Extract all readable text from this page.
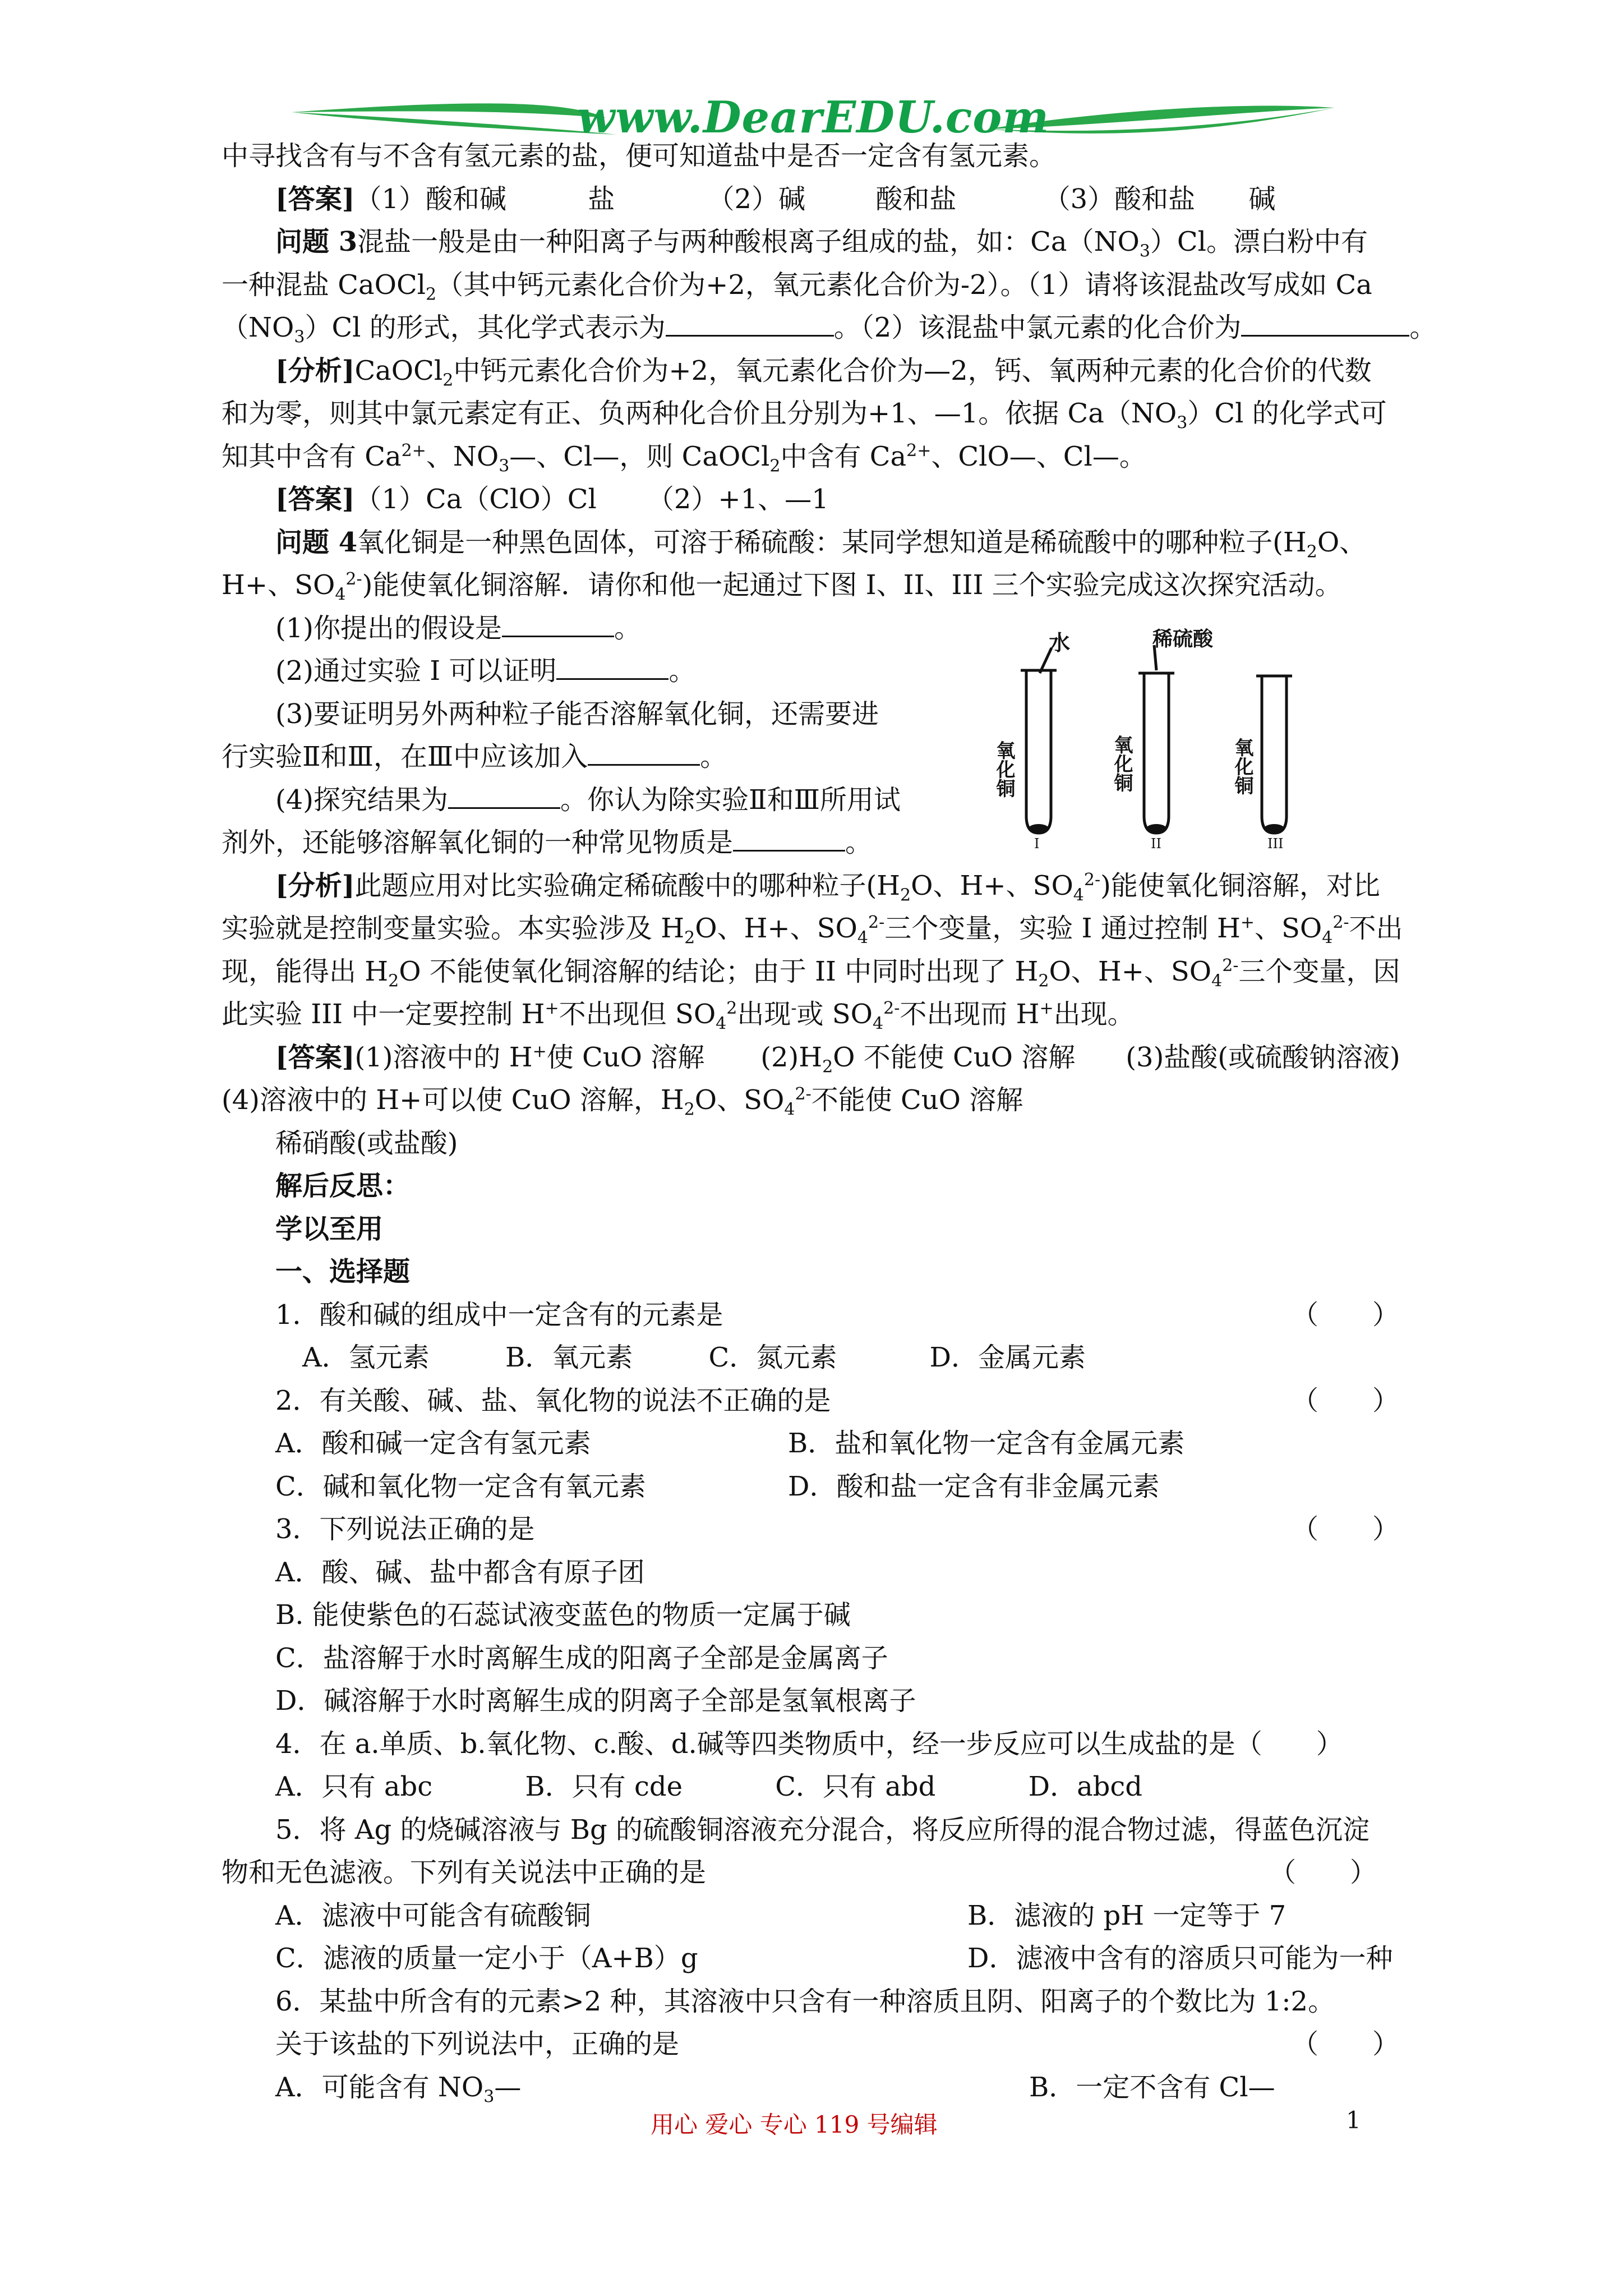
www.DearEDU.com
中寻找含有与不含有氢元素的盐，便可知道盐中是否一定含有氢元素。
[答案]（1）酸和碱	盐	（2）碱	酸和盐	（3）酸和盐 碱
问题 3混盐一般是由一种阳离子与两种酸根离子组成的盐，如：$Ca(NO_3)Cl$。漂白粉中有
一种混盐 CaOCl$_2$（其中钙元素化合价为+2，氧元素化合价为-2）。（1）请将该混盐改写成如 Ca
$(NO_3)Cl$ 的形式，其化学式表示为	。（2）该混盐中氯元素的化合价为	。
[分析]CaOCl$_2$中钙元素化合价为+2，氧元素化合价为—2，钙、氧两种元素的化合价的代数
和为零，则其中氯元素定有正、负两种化合价且分别为+1、—1。依据 $Ca(NO_3)Cl$ 的化学式可
知其中含有 $Ca^{2+}$、$NO_3—$、Cl—，则 CaOCl$_2$中含有 $Ca^{2+}$、ClO—、Cl—。
[答案]（1）Ca（ClO）Cl （2）+1、—1
问题 4氧化铜是一种黑色固体，可溶于稀硫酸：某同学想知道是稀硫酸中的哪种粒子($H_2O$、
H+、$SO_4^{2-}$)能使氧化铜溶解．请你和他一起通过下图 I、II、III 三个实验完成这次探究活动。
(1)你提出的假设是	。
(2)通过实验 I 可以证明	。
(3)要证明另外两种粒子能否溶解氧化铜，还需要进
行实验Ⅱ和Ⅲ，在Ⅲ中应该加入	。
(4)探究结果为	。你认为除实验Ⅱ和Ⅲ所用试
剂外，还能够溶解氧化铜的一种常见物质是	。
[分析]此题应用对比实验确定稀硫酸中的哪种粒子($H_2O$、H+、$SO_4^{2-}$)能使氧化铜溶解，对比
实验就是控制变量实验。本实验涉及 $H_2O$、H+、$SO_4^{2-}$三个变量，实验 I 通过控制 H+、$SO_4^{2-}$不出
现，能得出 $H_2O$ 不能使氧化铜溶解的结论；由于 II 中同时出现了 $H_2O$、H+、$SO_4^{2-}$三个变量，因
此实验 III 中一定要控制 H+不出现但 $SO_4^2$出现-或 $SO_4^{2-}$不出现而 H+出现。
[答案](1)溶液中的 H+使 CuO 溶解 $(2)H_2O$ 不能使 CuO 溶解 (3)盐酸(或硫酸钠溶液)
(4)溶液中的 H+可以使 CuO 溶解，$H_2O$、$SO_4^{2-}$不能使 CuO 溶解
稀硝酸(或盐酸)
解后反思：
学以至用
一、选择题
1．酸和碱的组成中一定含有的元素是	（　　）
A．氢元素	B．氧元素	C．氮元素	D．金属元素
2．有关酸、碱、盐、氧化物的说法不正确的是	（　　）
A．酸和碱一定含有氢元素	B．盐和氧化物一定含有金属元素
C．碱和氧化物一定含有氧元素	D．酸和盐一定含有非金属元素
3．下列说法正确的是	（　　）
A．酸、碱、盐中都含有原子团
B. 能使紫色的石蕊试液变蓝色的物质一定属于碱
C．盐溶解于水时离解生成的阳离子全部是金属离子
D．碱溶解于水时离解生成的阴离子全部是氢氧根离子
4．在 a.单质、b.氧化物、c.酸、d.碱等四类物质中，经一步反应可以生成盐的是（　　）
A．只有 abc	B．只有 cde	C．只有 abd	D．abcd
5．将 Ag 的烧碱溶液与 Bg 的硫酸铜溶液充分混合，将反应所得的混合物过滤，得蓝色沉淀
物和无色滤液。下列有关说法中正确的是	（　　）
A．滤液中可能含有硫酸铜	B．滤液的 pH 一定等于 7
C．滤液的质量一定小于（A+B）g	D．滤液中含有的溶质只可能为一种
6．某盐中所含有的元素>2 种，其溶液中只含有一种溶质且阴、阳离子的个数比为 1:2。
关于该盐的下列说法中，正确的是	（　　）
A．可能含有 $NO_3—$	B．一定不含有 Cl—
水	稀硫酸
氧化铜	氧化铜	氧化铜
I	II	III
用心 爱心 专心 119 号编辑	1
